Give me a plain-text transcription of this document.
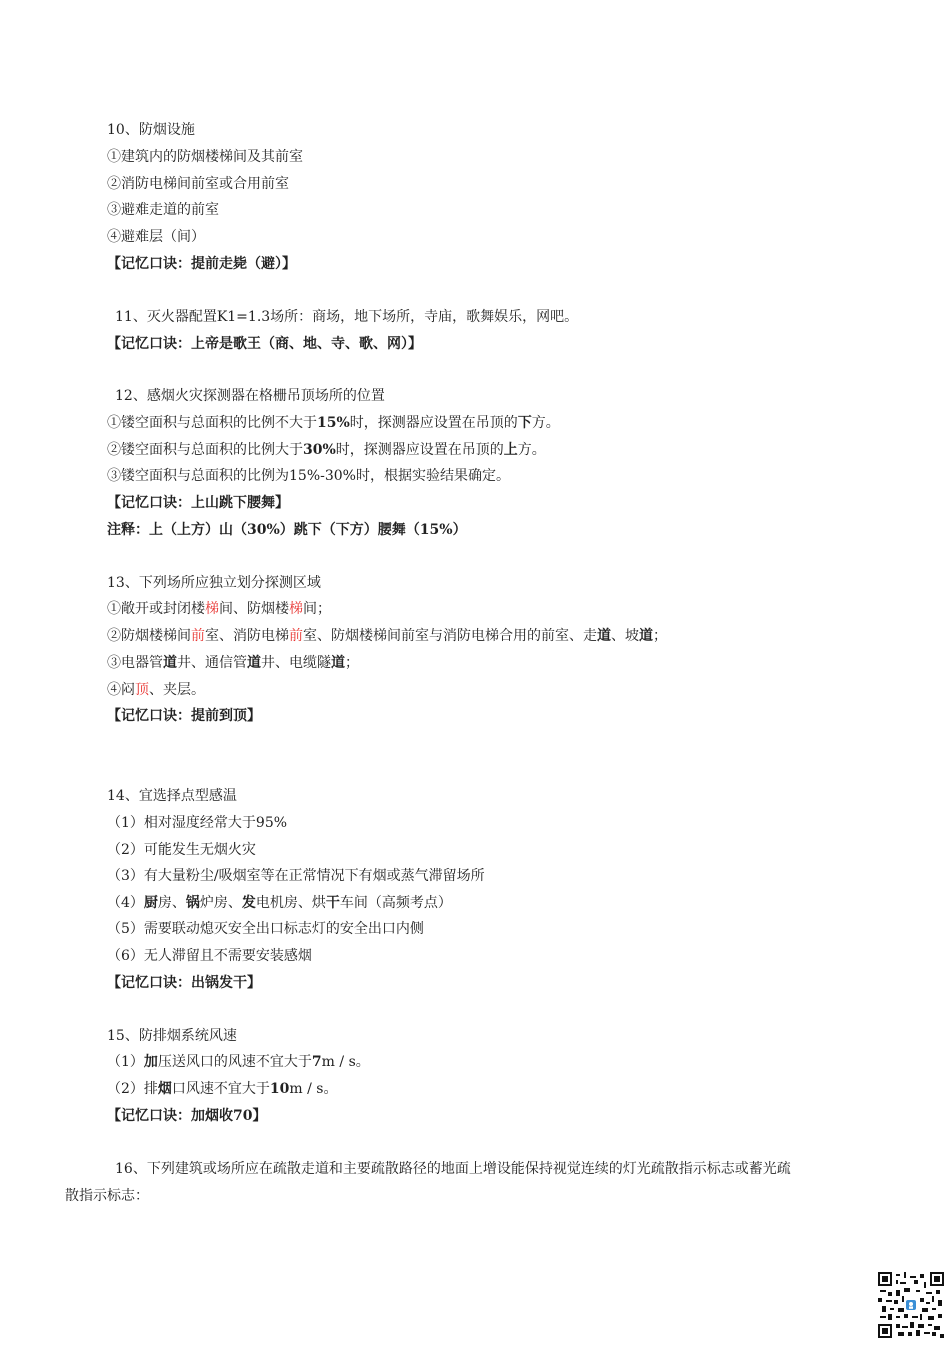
10、防烟设施
①建筑内的防烟楼梯间及其前室
②消防电梯间前室或合用前室
③避难走道的前室
④避难层（间）
【记忆口诀：提前走毙（避）】
11、灭火器配置K1=1.3场所：商场，地下场所，寺庙，歌舞娱乐，网吧。
【记忆口诀：上帝是歌王（商、地、寺、歌、网）】
12、感烟火灾探测器在格栅吊顶场所的位置
①镂空面积与总面积的比例不大于15%时，探测器应设置在吊顶的下方。
②镂空面积与总面积的比例大于30%时，探测器应设置在吊顶的上方。
③镂空面积与总面积的比例为15%-30%时，根据实验结果确定。
【记忆口诀：上山跳下腰舞】
注释：上（上方）山（30%）跳下（下方）腰舞（15%）
13、下列场所应独立划分探测区域
①敞开或封闭楼梯间、防烟楼梯间；
②防烟楼梯间前室、消防电梯前室、防烟楼梯间前室与消防电梯合用的前室、走道、坡道；
③电器管道井、通信管道井、电缆隧道；
④闷顶、夹层。
【记忆口诀：提前到顶】
14、宜选择点型感温
（1）相对湿度经常大于95%
（2）可能发生无烟火灾
（3）有大量粉尘/吸烟室等在正常情况下有烟或蒸气滞留场所
（4）厨房、锅炉房、发电机房、烘干车间（高频考点）
（5）需要联动熄灭安全出口标志灯的安全出口内侧
（6）无人滞留且不需要安装感烟
【记忆口诀：出锅发干】
15、防排烟系统风速
（1）加压送风口的风速不宜大于7m / s。
（2）排烟口风速不宜大于10m / s。
【记忆口诀：加烟收70】
16、下列建筑或场所应在疏散走道和主要疏散路径的地面上增设能保持视觉连续的灯光疏散指示标志或蓄光疏
散指示标志：
